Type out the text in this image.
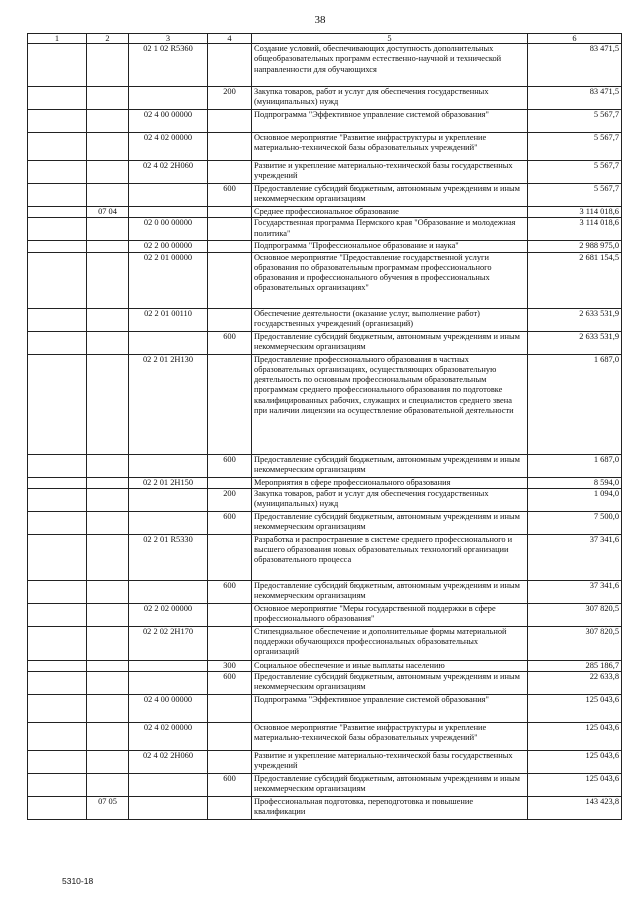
38
1	2	3	4	5	6
		02 1 02 R5360		Создание условий, обеспечивающих доступность дополнительных общеобразовательных программ естественно-научной и технической направленности для обучающихся	83 471,5
			200	Закупка товаров, работ и услуг для обеспечения государственных (муниципальных) нужд	83 471,5
		02 4 00 00000		Подпрограмма "Эффективное управление системой образования"	5 567,7
		02 4 02 00000		Основное мероприятие "Развитие инфраструктуры и укрепление материально-технической базы образовательных учреждений"	5 567,7
		02 4 02 2Н060		Развитие и укрепление материально-технической базы государственных учреждений	5 567,7
			600	Предоставление субсидий бюджетным, автономным учреждениям и иным некоммерческим организациям	5 567,7
	07 04			Среднее профессиональное образование	3 114 018,6
		02 0 00 00000		Государственная программа Пермского края "Образование и молодежная политика"	3 114 018,6
		02 2 00 00000		Подпрограмма "Профессиональное образование и наука"	2 988 975,0
		02 2 01 00000		Основное мероприятие "Предоставление государственной услуги образования по образовательным программам профессионального образования и профессионального обучения в профессиональных образовательных организациях"	2 681 154,5
		02 2 01 00110		Обеспечение деятельности (оказание услуг, выполнение работ) государственных учреждений (организаций)	2 633 531,9
			600	Предоставление субсидий бюджетным, автономным учреждениям и иным некоммерческим организациям	2 633 531,9
		02 2 01 2Н130		Предоставление профессионального образования в частных образовательных организациях, осуществляющих образовательную деятельность по основным профессиональным образовательным программам среднего профессионального образования по подготовке квалифицированных рабочих, служащих и специалистов среднего звена при наличии лицензии на осуществление образовательной деятельности	1 687,0
			600	Предоставление субсидий бюджетным, автономным учреждениям и иным некоммерческим организациям	1 687,0
		02 2 01 2Н150		Мероприятия в сфере профессионального образования	8 594,0
			200	Закупка товаров, работ и услуг для обеспечения государственных (муниципальных) нужд	1 094,0
			600	Предоставление субсидий бюджетным, автономным учреждениям и иным некоммерческим организациям	7 500,0
		02 2 01 R5330		Разработка и распространение в системе среднего профессионального и высшего образования новых образовательных технологий организации образовательного процесса	37 341,6
			600	Предоставление субсидий бюджетным, автономным учреждениям и иным некоммерческим организациям	37 341,6
		02 2 02 00000		Основное мероприятие "Меры государственной поддержки в сфере профессионального образования"	307 820,5
		02 2 02 2Н170		Стипендиальное обеспечение и дополнительные формы материальной поддержки обучающихся профессиональных образовательных организаций	307 820,5
			300	Социальное обеспечение и иные выплаты населению	285 186,7
			600	Предоставление субсидий бюджетным, автономным учреждениям и иным некоммерческим организациям	22 633,8
		02 4 00 00000		Подпрограмма "Эффективное управление системой образования"	125 043,6
		02 4 02 00000		Основное мероприятие "Развитие инфраструктуры и укрепление материально-технической базы образовательных учреждений"	125 043,6
		02 4 02 2Н060		Развитие и укрепление материально-технической базы государственных учреждений	125 043,6
			600	Предоставление субсидий бюджетным, автономным учреждениям и иным некоммерческим организациям	125 043,6
	07 05			Профессиональная подготовка, переподготовка и повышение квалификации	143 423,8
5310-18
